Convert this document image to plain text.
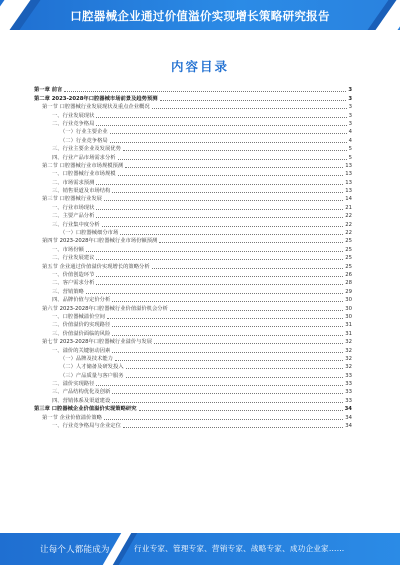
口腔器械企业通过价值溢价实现增长策略研究报告
内容目录
第一章 前言	3
第二章 2023-2028年口腔器械市场前景及趋势预测	3
第一节 口腔器械行业发展现状及重点企业概况	3
一、行业发展现状	3
二、行业竞争格局	3
（一）行业主要企业	4
（二）行业竞争格局	4
三、行业主要企业及发展优势	5
四、行业产品市场需求分析	5
第二节 口腔器械行业市场规模预测	13
一、口腔器械行业市场规模	13
二、市场需求预测	13
三、销售渠道及市场结构	13
第三节 口腔器械行业发展	14
一、行业市场现状	21
二、主要产品分析	22
三、行业集中度分析	22
（一）口腔器械细分市场	22
第四节 2023-2028年口腔器械行业市场份额预测	25
一、市场份额	25
二、行业发展建议	25
第五节 企业通过价值溢价实现增长的策略分析	25
一、价值创造环节	26
二、客户需求分析	28
三、营销策略	29
四、品牌价值与定价分析	30
第六节 2023-2028年口腔器械行业价值溢价机会分析	30
一、口腔器械溢价空间	30
二、价值溢价的实现路径	31
三、价值溢价面临的风险	31
第七节 2023-2028年口腔器械行业溢价与发展	32
一、溢价的关键驱动因素	32
（一）品牌及技术能力	32
（二）人才储备及研发投入	32
（三）产品质量与客户服务	33
二、溢价实现路径	33
三、产品结构优化及创新	33
四、营销体系及渠道建设	33
第三章 口腔器械企业价值溢价实现策略研究	34
第一节 企业价值溢价策略	34
一、行业竞争格局与企业定位	34
让每个人都能成为	行业专家、管理专家、营销专家、战略专家、成功企业家……
